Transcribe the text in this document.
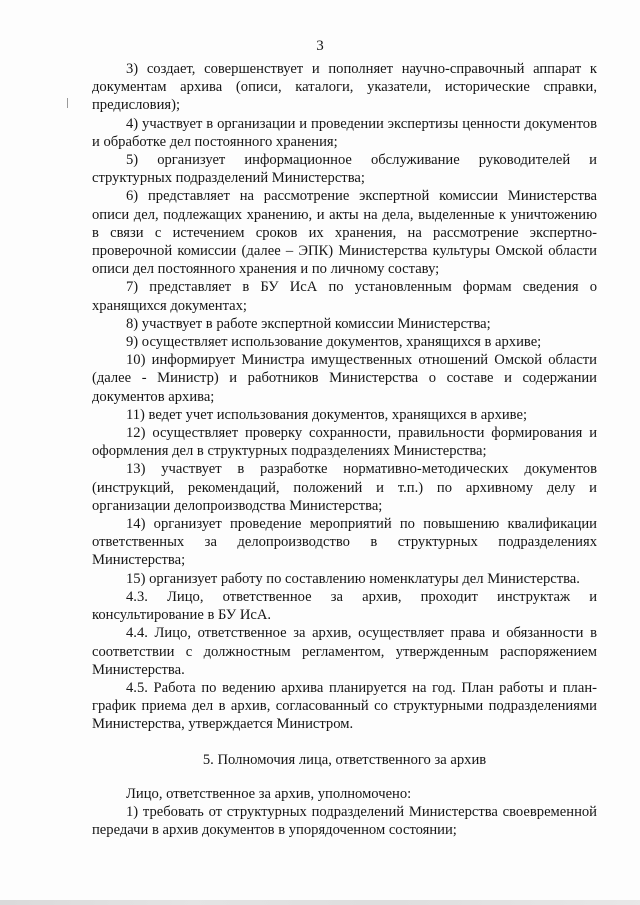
3

3) создает, совершенствует и пополняет научно-справочный аппарат к документам архива (описи, каталоги, указатели, исторические справки, предисловия);

4) участвует в организации и проведении экспертизы ценности документов и обработке дел постоянного хранения;

5) организует информационное обслуживание руководителей и структурных подразделений Министерства;

6) представляет на рассмотрение экспертной комиссии Министерства описи дел, подлежащих хранению, и акты на дела, выделенные к уничтожению в связи с истечением сроков их хранения, на рассмотрение экспертно-проверочной комиссии (далее – ЭПК) Министерства культуры Омской области описи дел постоянного хранения и по личному составу;

7) представляет в БУ ИсА по установленным формам сведения о хранящихся документах;

8) участвует в работе экспертной комиссии Министерства;

9) осуществляет использование документов, хранящихся в архиве;

10) информирует Министра имущественных отношений Омской области (далее - Министр) и работников Министерства о составе и содержании документов архива;

11) ведет учет использования документов, хранящихся в архиве;

12) осуществляет проверку сохранности, правильности формирования и оформления дел в структурных подразделениях Министерства;

13) участвует в разработке нормативно-методических документов (инструкций, рекомендаций, положений и т.п.) по архивному делу и организации делопроизводства Министерства;

14) организует проведение мероприятий по повышению квалификации ответственных за делопроизводство в структурных подразделениях Министерства;

15) организует работу по составлению номенклатуры дел Министерства.

4.3. Лицо, ответственное за архив, проходит инструктаж и консультирование в БУ ИсА.

4.4. Лицо, ответственное за архив, осуществляет права и обязанности в соответствии с должностным регламентом, утвержденным распоряжением Министерства.

4.5. Работа по ведению архива планируется на год. План работы и план-график приема дел в архив, согласованный со структурными подразделениями Министерства, утверждается Министром.

5. Полномочия лица, ответственного за архив

Лицо, ответственное за архив, уполномочено:

1) требовать от структурных подразделений Министерства своевременной передачи в архив документов в упорядоченном состоянии;
